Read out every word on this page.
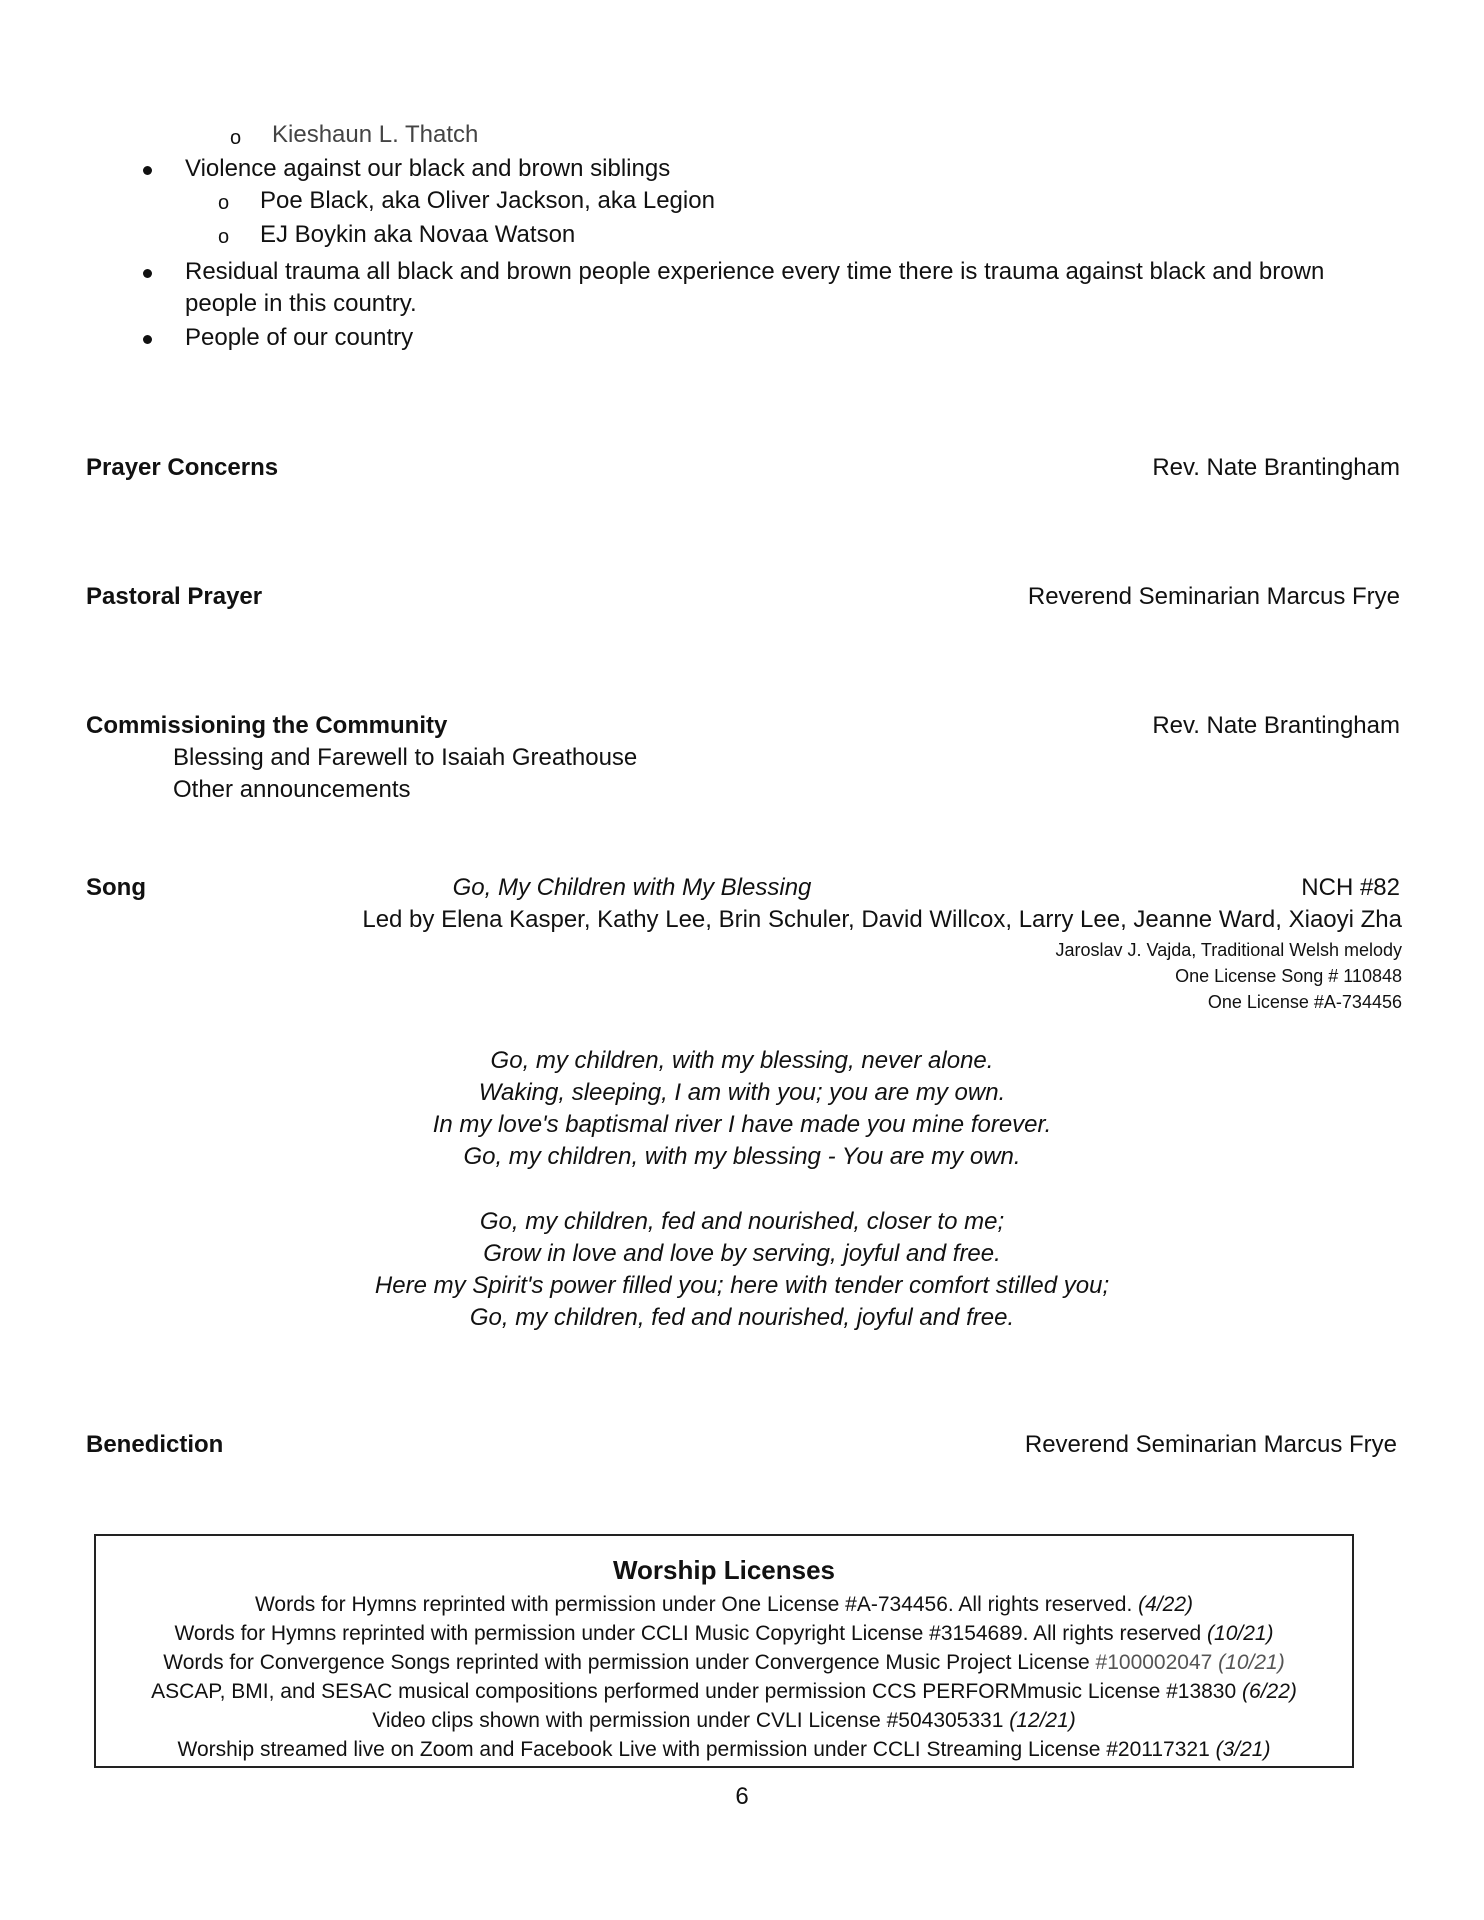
o Kieshaun L. Thatch
Violence against our black and brown siblings
o Poe Black, aka Oliver Jackson, aka Legion
o EJ Boykin aka Novaa Watson
Residual trauma all black and brown people experience every time there is trauma against black and brown
people in this country.
People of our country
Prayer Concerns	Rev. Nate Brantingham
Pastoral Prayer	Reverend Seminarian Marcus Frye
Commissioning the Community	Rev. Nate Brantingham
Blessing and Farewell to Isaiah Greathouse
Other announcements
Song	Go, My Children with My Blessing	NCH #82
Led by Elena Kasper, Kathy Lee, Brin Schuler, David Willcox, Larry Lee, Jeanne Ward, Xiaoyi Zha
Jaroslav J. Vajda, Traditional Welsh melody
One License Song # 110848
One License #A-734456
Go, my children, with my blessing, never alone.
Waking, sleeping, I am with you; you are my own.
In my love's baptismal river I have made you mine forever.
Go, my children, with my blessing - You are my own.
Go, my children, fed and nourished, closer to me;
Grow in love and love by serving, joyful and free.
Here my Spirit's power filled you; here with tender comfort stilled you;
Go, my children, fed and nourished, joyful and free.
Benediction	Reverend Seminarian Marcus Frye
Worship Licenses
Words for Hymns reprinted with permission under One License #A-734456. All rights reserved. (4/22)
Words for Hymns reprinted with permission under CCLI Music Copyright License #3154689. All rights reserved (10/21)
Words for Convergence Songs reprinted with permission under Convergence Music Project License #100002047 (10/21)
ASCAP, BMI, and SESAC musical compositions performed under permission CCS PERFORMmusic License #13830 (6/22)
Video clips shown with permission under CVLI License #504305331 (12/21)
Worship streamed live on Zoom and Facebook Live with permission under CCLI Streaming License #20117321 (3/21)
6
